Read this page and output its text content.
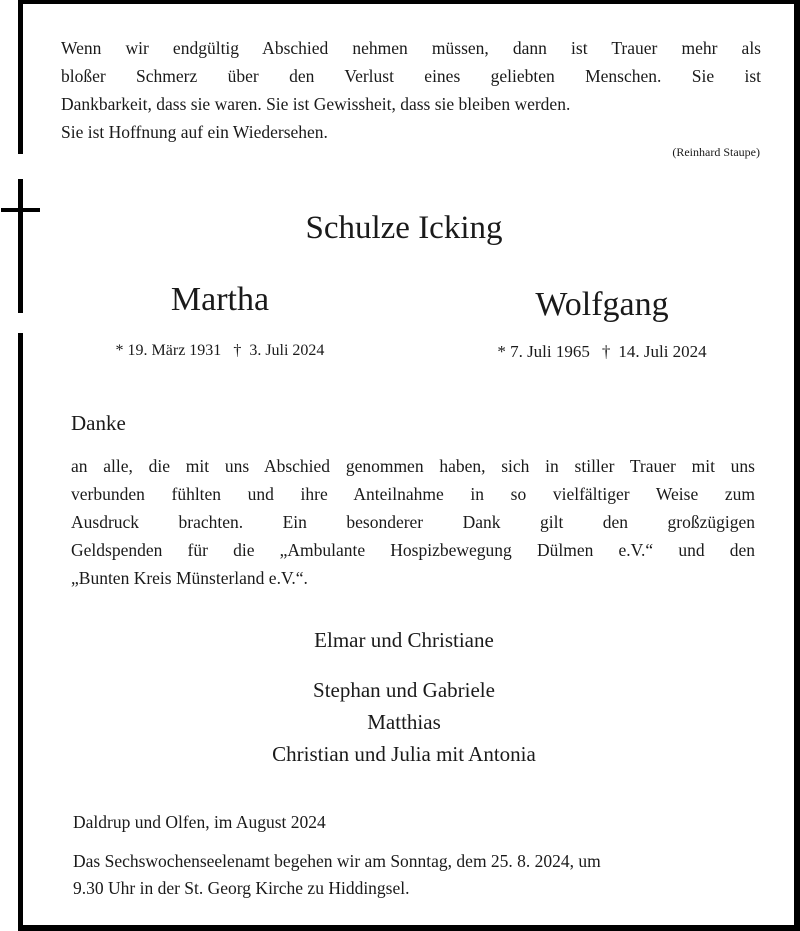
Wenn wir endgültig Abschied nehmen müssen, dann ist Trauer mehr als
bloßer Schmerz über den Verlust eines geliebten Menschen. Sie ist
Dankbarkeit, dass sie waren. Sie ist Gewissheit, dass sie bleiben werden.
Sie ist Hoffnung auf ein Wiedersehen.
(Reinhard Staupe)
Schulze Icking
Martha
* 19. März 1931 † 3. Juli 2024
Wolfgang
* 7. Juli 1965 † 14. Juli 2024
Danke
an alle, die mit uns Abschied genommen haben, sich in stiller Trauer mit uns
verbunden fühlten und ihre Anteilnahme in so vielfältiger Weise zum
Ausdruck brachten. Ein besonderer Dank gilt den großzügigen
Geldspenden für die „Ambulante Hospizbewegung Dülmen e.V.“ und den
„Bunten Kreis Münsterland e.V.“.
Elmar und Christiane
Stephan und Gabriele
Matthias
Christian und Julia mit Antonia
Daldrup und Olfen, im August 2024
Das Sechswochenseelenamt begehen wir am Sonntag, dem 25. 8. 2024, um
9.30 Uhr in der St. Georg Kirche zu Hiddingsel.
